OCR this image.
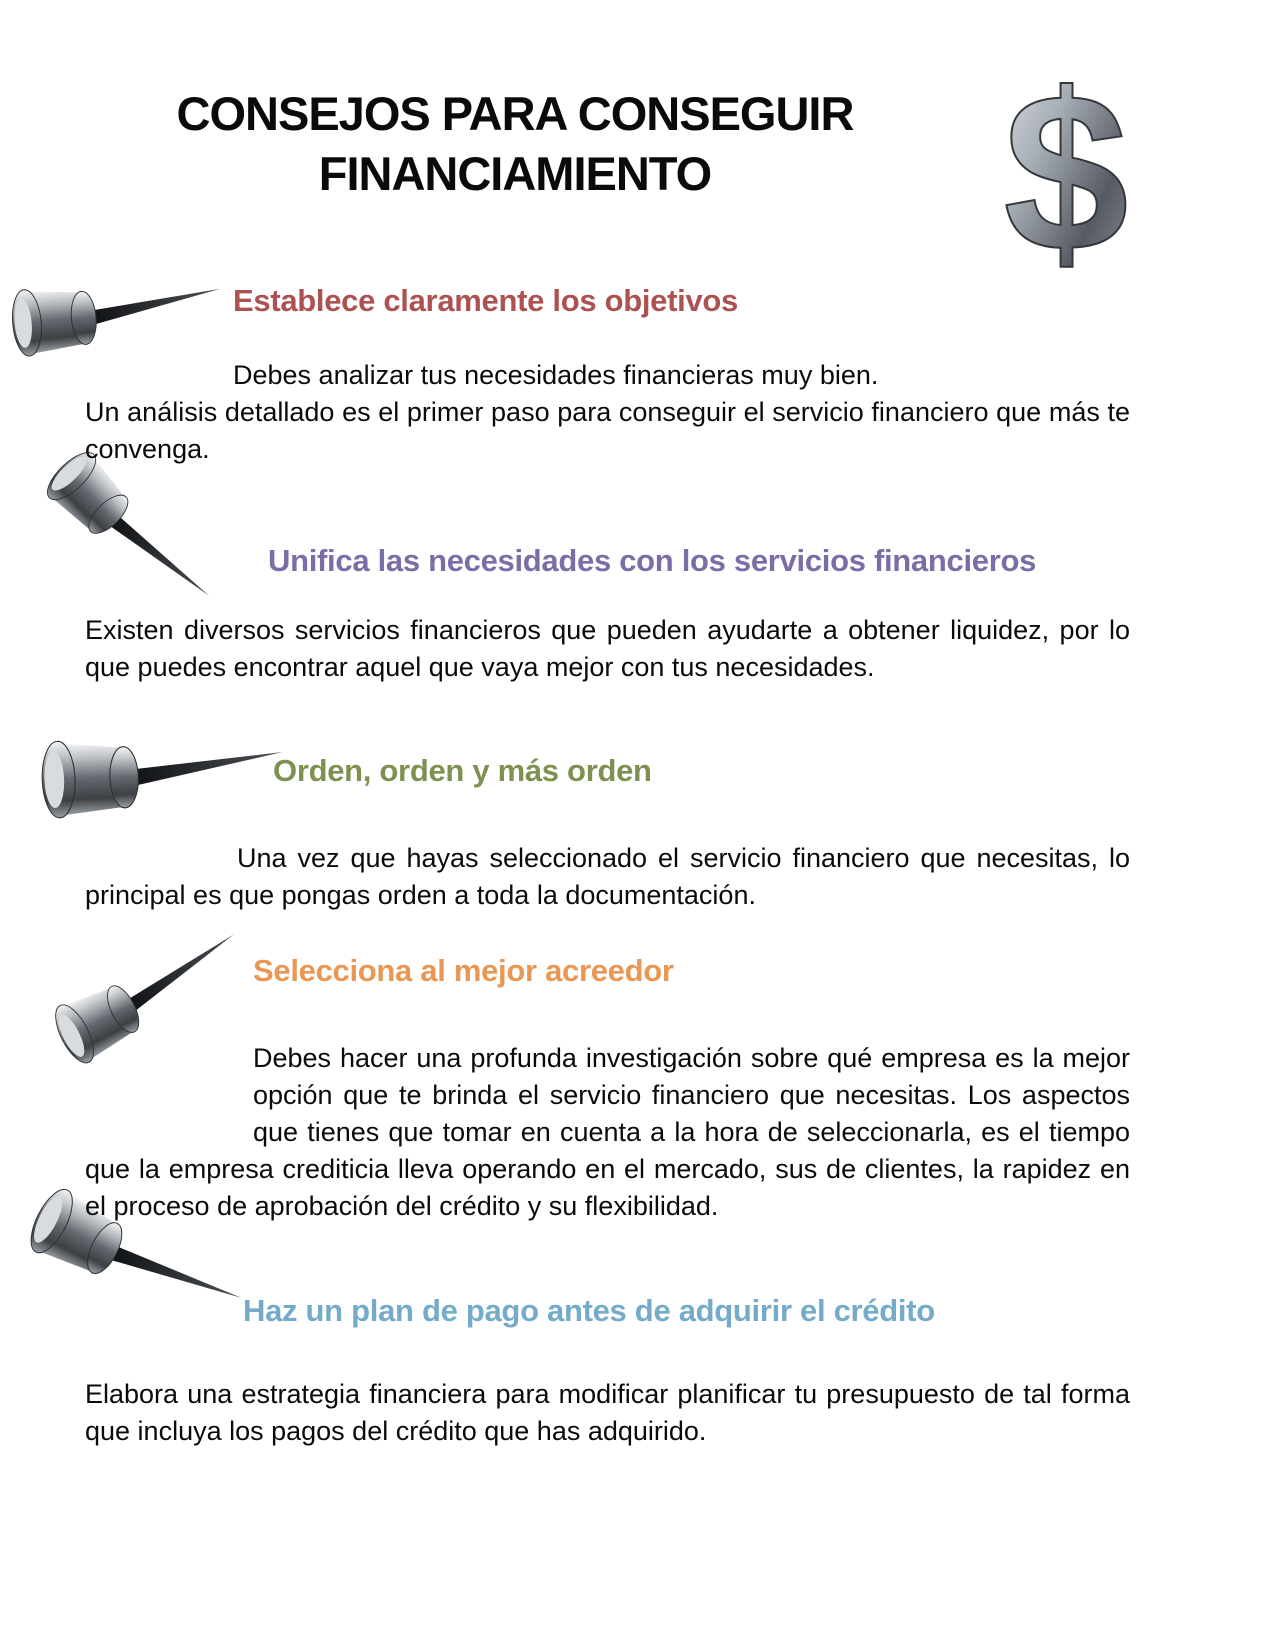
CONSEJOS PARA CONSEGUIR
FINANCIAMIENTO	$
Establece claramente los objetivos

Debes analizar tus necesidades financieras muy bien.

Un análisis detallado es el primer paso para conseguir el servicio financiero que más te convenga.

Unifica las necesidades con los servicios financieros

Existen diversos servicios financieros que pueden ayudarte a obtener liquidez, por lo que puedes encontrar aquel que vaya mejor con tus necesidades.

Orden, orden y más orden

Una vez que hayas seleccionado el servicio financiero que necesitas, lo principal es que pongas orden a toda la documentación.

Selecciona al mejor acreedor

Debes hacer una profunda investigación sobre qué empresa es la mejor opción que te brinda el servicio financiero que necesitas. Los aspectos que tienes que tomar en cuenta a la hora de seleccionarla, es el tiempo que la empresa crediticia lleva operando en el mercado, sus de clientes, la rapidez en el proceso de aprobación del crédito y su flexibilidad.

Haz un plan de pago antes de adquirir el crédito

Elabora una estrategia financiera para modificar planificar tu presupuesto de tal forma que incluya los pagos del crédito que has adquirido.
